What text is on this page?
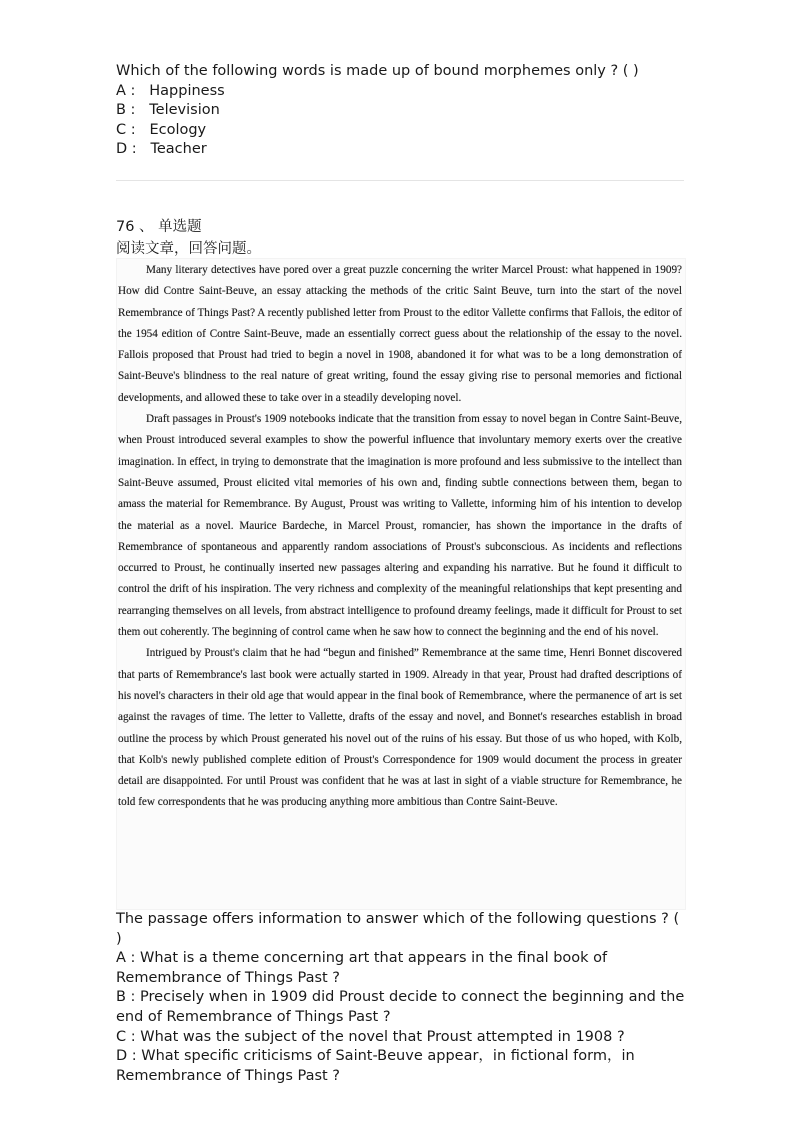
Which of the following words is made up of bound morphemes only ? ( )

A :   Happiness

B :   Television

C :   Ecology

D :   Teacher

76 、 单选题
阅读文章，回答问题。

Many literary detectives have pored over a great puzzle concerning the writer Marcel Proust: what happened in 1909? How did Contre Saint-Beuve, an essay attacking the methods of the critic Saint Beuve, turn into the start of the novel Remembrance of Things Past? A recently published letter from Proust to the editor Vallette confirms that Fallois, the editor of the 1954 edition of Contre Saint-Beuve, made an essentially correct guess about the relationship of the essay to the novel. Fallois proposed that Proust had tried to begin a novel in 1908, abandoned it for what was to be a long demonstration of Saint-Beuve's blindness to the real nature of great writing, found the essay giving rise to personal memories and fictional developments, and allowed these to take over in a steadily developing novel.

Draft passages in Proust's 1909 notebooks indicate that the transition from essay to novel began in Contre Saint-Beuve, when Proust introduced several examples to show the powerful influence that involuntary memory exerts over the creative imagination. In effect, in trying to demonstrate that the imagination is more profound and less submissive to the intellect than Saint-Beuve assumed, Proust elicited vital memories of his own and, finding subtle connections between them, began to amass the material for Remembrance. By August, Proust was writing to Vallette, informing him of his intention to develop the material as a novel. Maurice Bardeche, in Marcel Proust, romancier, has shown the importance in the drafts of Remembrance of spontaneous and apparently random associations of Proust's subconscious. As incidents and reflections occurred to Proust, he continually inserted new passages altering and expanding his narrative. But he found it difficult to control the drift of his inspiration. The very richness and complexity of the meaningful relationships that kept presenting and rearranging themselves on all levels, from abstract intelligence to profound dreamy feelings, made it difficult for Proust to set them out coherently. The beginning of control came when he saw how to connect the beginning and the end of his novel.

Intrigued by Proust's claim that he had “begun and finished” Remembrance at the same time, Henri Bonnet discovered that parts of Remembrance's last book were actually started in 1909. Already in that year, Proust had drafted descriptions of his novel's characters in their old age that would appear in the final book of Remembrance, where the permanence of art is set against the ravages of time. The letter to Vallette, drafts of the essay and novel, and Bonnet's researches establish in broad outline the process by which Proust generated his novel out of the ruins of his essay. But those of us who hoped, with Kolb, that Kolb's newly published complete edition of Proust's Correspondence for 1909 would document the process in greater detail are disappointed. For until Proust was confident that he was at last in sight of a viable structure for Remembrance, he told few correspondents that he was producing anything more ambitious than Contre Saint-Beuve.

The passage offers information to answer which of the following questions ? ( )

A : What is a theme concerning art that appears in the final book of Remembrance of Things Past ?

B : Precisely when in 1909 did Proust decide to connect the beginning and the end of Remembrance of Things Past ?

C : What was the subject of the novel that Proust attempted in 1908 ?

D : What specific criticisms of Saint-Beuve appear，in fictional form，in Remembrance of Things Past ?
